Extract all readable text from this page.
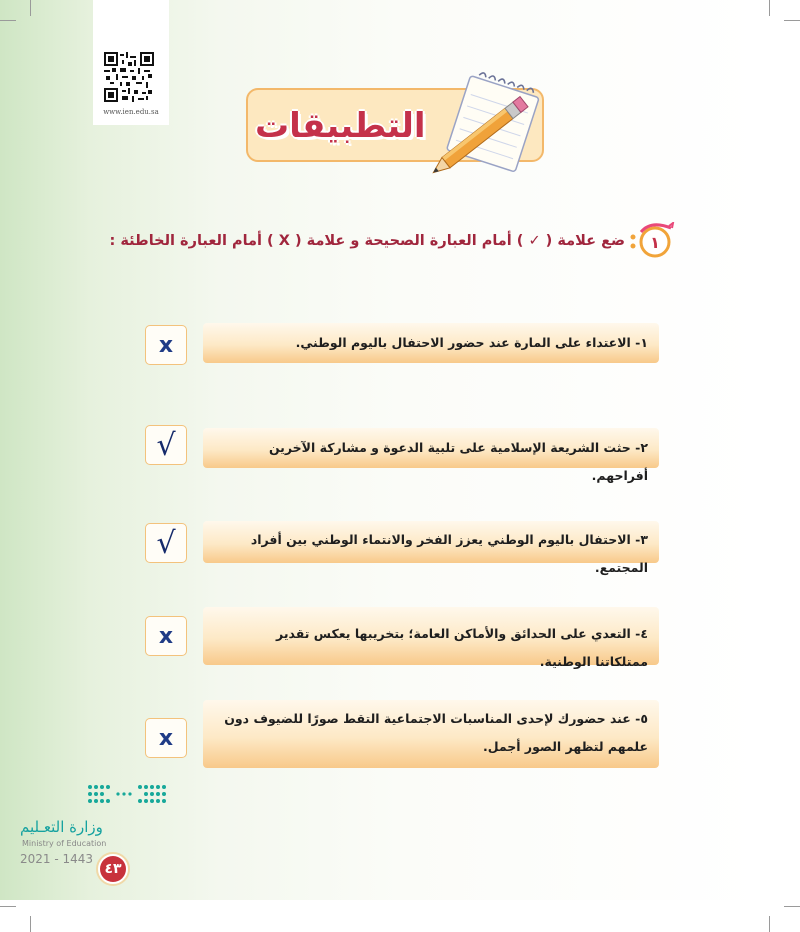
www.ien.edu.sa	التطبيقات
١
ضع علامة ( ✓ ) أمام العبارة الصحيحة و علامة ( X ) أمام العبارة الخاطئة :
١- الاعتداء على المارة عند حضور الاحتفال باليوم الوطني.
x
٢- حثت الشريعة الإسلامية على تلبية الدعوة و مشاركة الآخرين أفراحهم.
√
٣- الاحتفال باليوم الوطني يعزز الفخر والانتماء الوطني بين أفراد المجتمع.
√
٤- التعدي على الحدائق والأماكن العامة؛ بتخريبها يعكس تقدير ممتلكاتنا الوطنية.
x
٥- عند حضورك لإحدى المناسبات الاجتماعية التقط صورًا للضيوف دون علمهم لتظهر الصور أجمل.
x
وزارة التعـليم
Ministry of Education
2021 - 1443
٤٣
